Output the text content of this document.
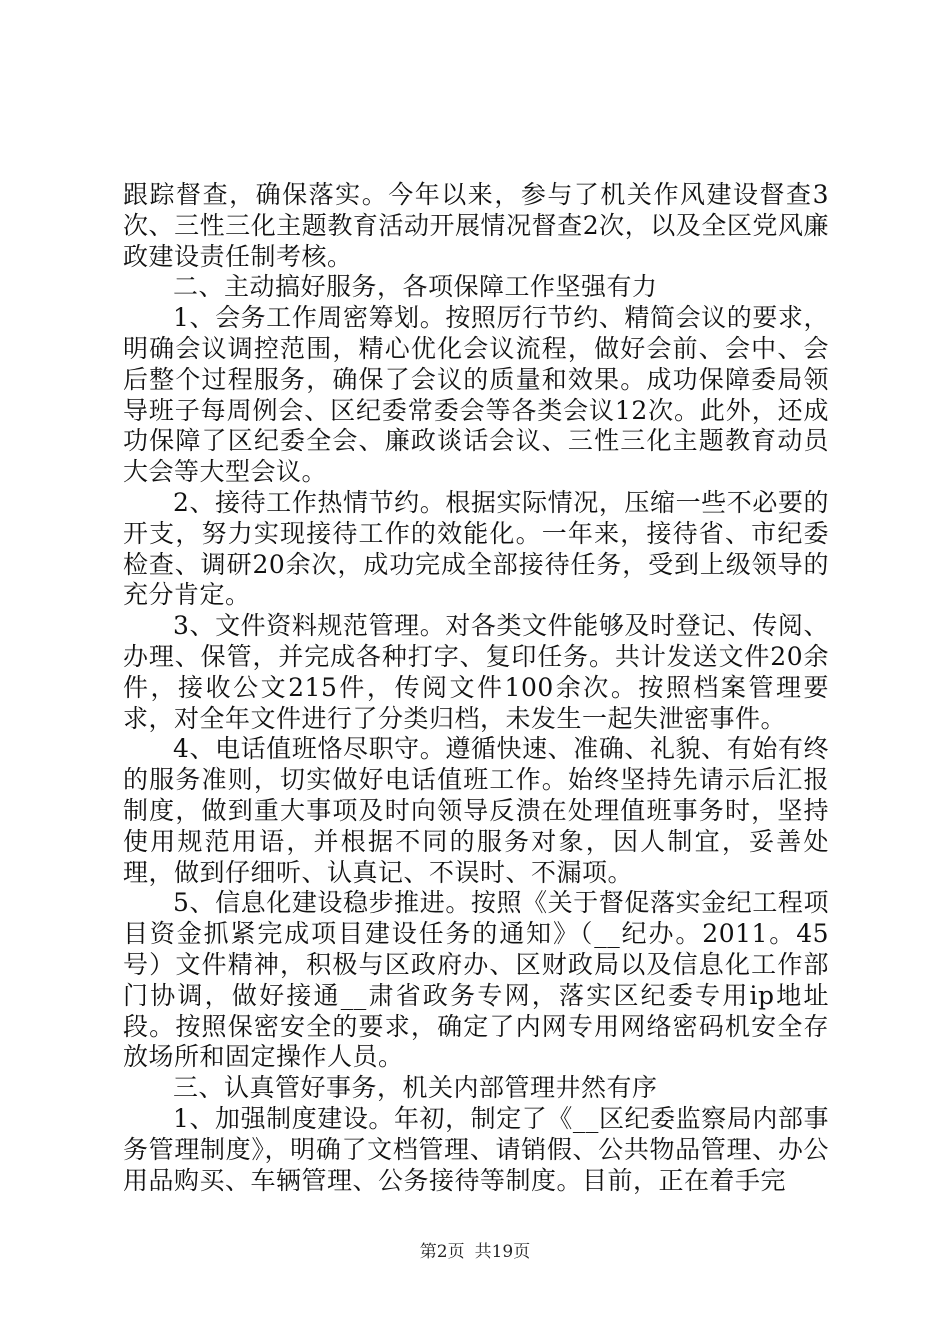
跟踪督查，确保落实。今年以来，参与了机关作风建设督查3次、三性三化主题教育活动开展情况督查2次，以及全区党风廉政建设责任制考核。

二、主动搞好服务，各项保障工作坚强有力

1、会务工作周密筹划。按照厉行节约、精简会议的要求，明确会议调控范围，精心优化会议流程，做好会前、会中、会后整个过程服务，确保了会议的质量和效果。成功保障委局领导班子每周例会、区纪委常委会等各类会议12次。此外，还成功保障了区纪委全会、廉政谈话会议、三性三化主题教育动员大会等大型会议。

2、接待工作热情节约。根据实际情况，压缩一些不必要的开支，努力实现接待工作的效能化。一年来，接待省、市纪委检查、调研20余次，成功完成全部接待任务，受到上级领导的充分肯定。

3、文件资料规范管理。对各类文件能够及时登记、传阅、办理、保管，并完成各种打字、复印任务。共计发送文件20余件，接收公文215件，传阅文件100余次。按照档案管理要求，对全年文件进行了分类归档，未发生一起失泄密事件。

4、电话值班恪尽职守。遵循快速、准确、礼貌、有始有终的服务准则，切实做好电话值班工作。始终坚持先请示后汇报制度，做到重大事项及时向领导反溃在处理值班事务时，坚持使用规范用语，并根据不同的服务对象，因人制宜，妥善处理，做到仔细听、认真记、不误时、不漏项。

5、信息化建设稳步推进。按照《关于督促落实金纪工程项目资金抓紧完成项目建设任务的通知》（__纪办。2011。45号）文件精神，积极与区政府办、区财政局以及信息化工作部门协调，做好接通__肃省政务专网，落实区纪委专用ip地址段。按照保密安全的要求，确定了内网专用网络密码机安全存放场所和固定操作人员。

三、认真管好事务，机关内部管理井然有序

1、加强制度建设。年初，制定了《__区纪委监察局内部事务管理制度》，明确了文档管理、请销假、公共物品管理、办公用品购买、车辆管理、公务接待等制度。目前，正在着手完

第2页 共19页
